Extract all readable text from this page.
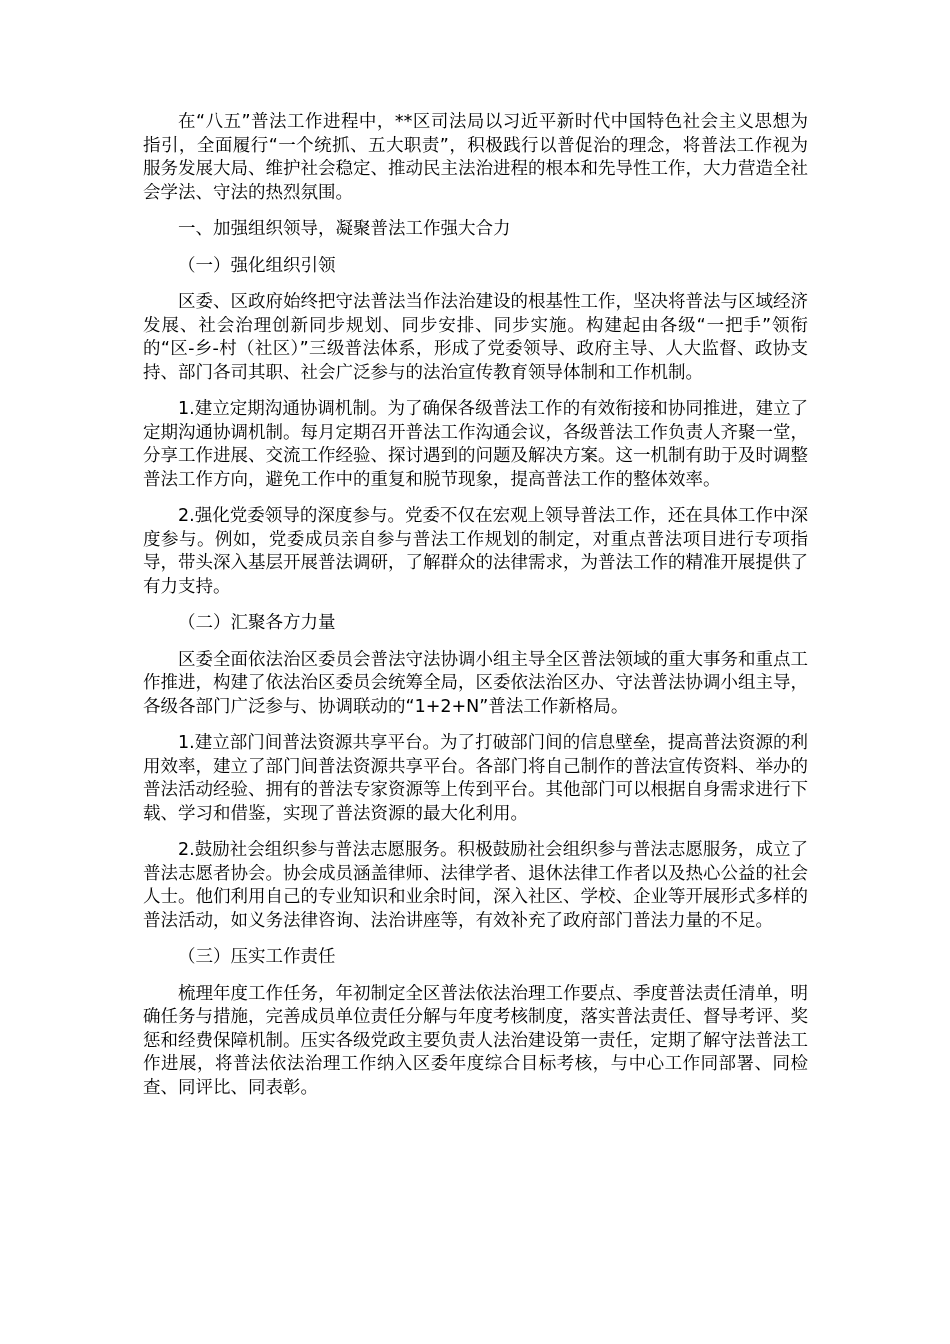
在“八五”普法工作进程中，**区司法局以习近平新时代中国特色社会主义思想为指引，全面履行“一个统抓、五大职责”，积极践行以普促治的理念，将普法工作视为服务发展大局、维护社会稳定、推动民主法治进程的根本和先导性工作，大力营造全社会学法、守法的热烈氛围。

一、加强组织领导，凝聚普法工作强大合力

（一）强化组织引领

区委、区政府始终把守法普法当作法治建设的根基性工作，坚决将普法与区域经济发展、社会治理创新同步规划、同步安排、同步实施。构建起由各级“一把手”领衔的“区-乡-村（社区）”三级普法体系，形成了党委领导、政府主导、人大监督、政协支持、部门各司其职、社会广泛参与的法治宣传教育领导体制和工作机制。

1.建立定期沟通协调机制。为了确保各级普法工作的有效衔接和协同推进，建立了定期沟通协调机制。每月定期召开普法工作沟通会议，各级普法工作负责人齐聚一堂，分享工作进展、交流工作经验、探讨遇到的问题及解决方案。这一机制有助于及时调整普法工作方向，避免工作中的重复和脱节现象，提高普法工作的整体效率。

2.强化党委领导的深度参与。党委不仅在宏观上领导普法工作，还在具体工作中深度参与。例如，党委成员亲自参与普法工作规划的制定，对重点普法项目进行专项指导，带头深入基层开展普法调研，了解群众的法律需求，为普法工作的精准开展提供了有力支持。

（二）汇聚各方力量

区委全面依法治区委员会普法守法协调小组主导全区普法领域的重大事务和重点工作推进，构建了依法治区委员会统筹全局，区委依法治区办、守法普法协调小组主导，各级各部门广泛参与、协调联动的“1+2+N”普法工作新格局。

1.建立部门间普法资源共享平台。为了打破部门间的信息壁垒，提高普法资源的利用效率，建立了部门间普法资源共享平台。各部门将自己制作的普法宣传资料、举办的普法活动经验、拥有的普法专家资源等上传到平台。其他部门可以根据自身需求进行下载、学习和借鉴，实现了普法资源的最大化利用。

2.鼓励社会组织参与普法志愿服务。积极鼓励社会组织参与普法志愿服务，成立了普法志愿者协会。协会成员涵盖律师、法律学者、退休法律工作者以及热心公益的社会人士。他们利用自己的专业知识和业余时间，深入社区、学校、企业等开展形式多样的普法活动，如义务法律咨询、法治讲座等，有效补充了政府部门普法力量的不足。

（三）压实工作责任

梳理年度工作任务，年初制定全区普法依法治理工作要点、季度普法责任清单，明确任务与措施，完善成员单位责任分解与年度考核制度，落实普法责任、督导考评、奖惩和经费保障机制。压实各级党政主要负责人法治建设第一责任，定期了解守法普法工作进展，将普法依法治理工作纳入区委年度综合目标考核，与中心工作同部署、同检查、同评比、同表彰。
